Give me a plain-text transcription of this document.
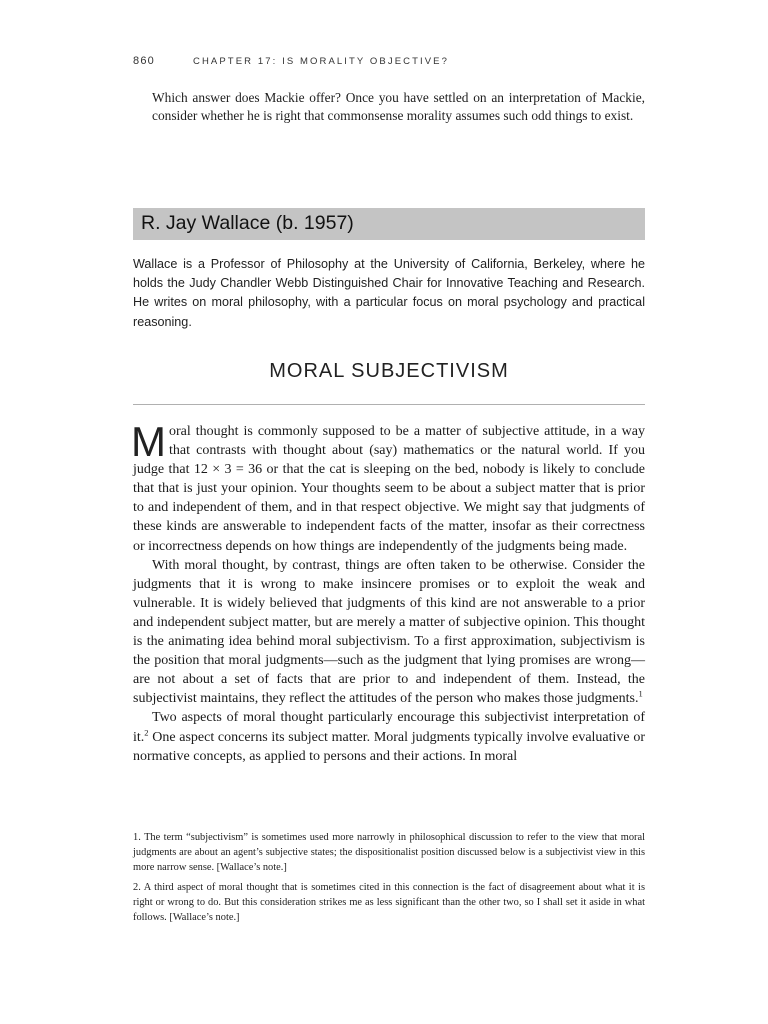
860	CHAPTER 17: IS MORALITY OBJECTIVE?

Which answer does Mackie offer? Once you have settled on an interpretation of Mackie, consider whether he is right that commonsense morality assumes such odd things to exist.

R. Jay Wallace (b. 1957)

Wallace is a Professor of Philosophy at the University of California, Berkeley, where he holds the Judy Chandler Webb Distinguished Chair for Innovative Teaching and Research. He writes on moral philosophy, with a particular focus on moral psychology and practical reasoning.

MORAL SUBJECTIVISM

Moral thought is commonly supposed to be a matter of subjective attitude, in a way that contrasts with thought about (say) mathematics or the natural world. If you judge that 12 × 3 = 36 or that the cat is sleeping on the bed, nobody is likely to conclude that that is just your opinion. Your thoughts seem to be about a subject matter that is prior to and independent of them, and in that respect objective. We might say that judgments of these kinds are answerable to independent facts of the matter, insofar as their correctness or incorrectness depends on how things are independently of the judgments being made.

With moral thought, by contrast, things are often taken to be otherwise. Consider the judgments that it is wrong to make insincere promises or to exploit the weak and vulnerable. It is widely believed that judgments of this kind are not answerable to a prior and independent subject matter, but are merely a matter of subjective opinion. This thought is the animating idea behind moral subjectivism. To a first approximation, subjectivism is the position that moral judgments—such as the judgment that lying promises are wrong—are not about a set of facts that are prior to and independent of them. Instead, the subjectivist maintains, they reflect the attitudes of the person who makes those judgments.$^1$

Two aspects of moral thought particularly encourage this subjectivist interpretation of it.$^2$ One aspect concerns its subject matter. Moral judgments typically involve evaluative or normative concepts, as applied to persons and their actions. In moral

1. The term “subjectivism” is sometimes used more narrowly in philosophical discussion to refer to the view that moral judgments are about an agent’s subjective states; the dispositionalist position discussed below is a subjectivist view in this more narrow sense. [Wallace’s note.]

2. A third aspect of moral thought that is sometimes cited in this connection is the fact of disagreement about what it is right or wrong to do. But this consideration strikes me as less significant than the other two, so I shall set it aside in what follows. [Wallace’s note.]
